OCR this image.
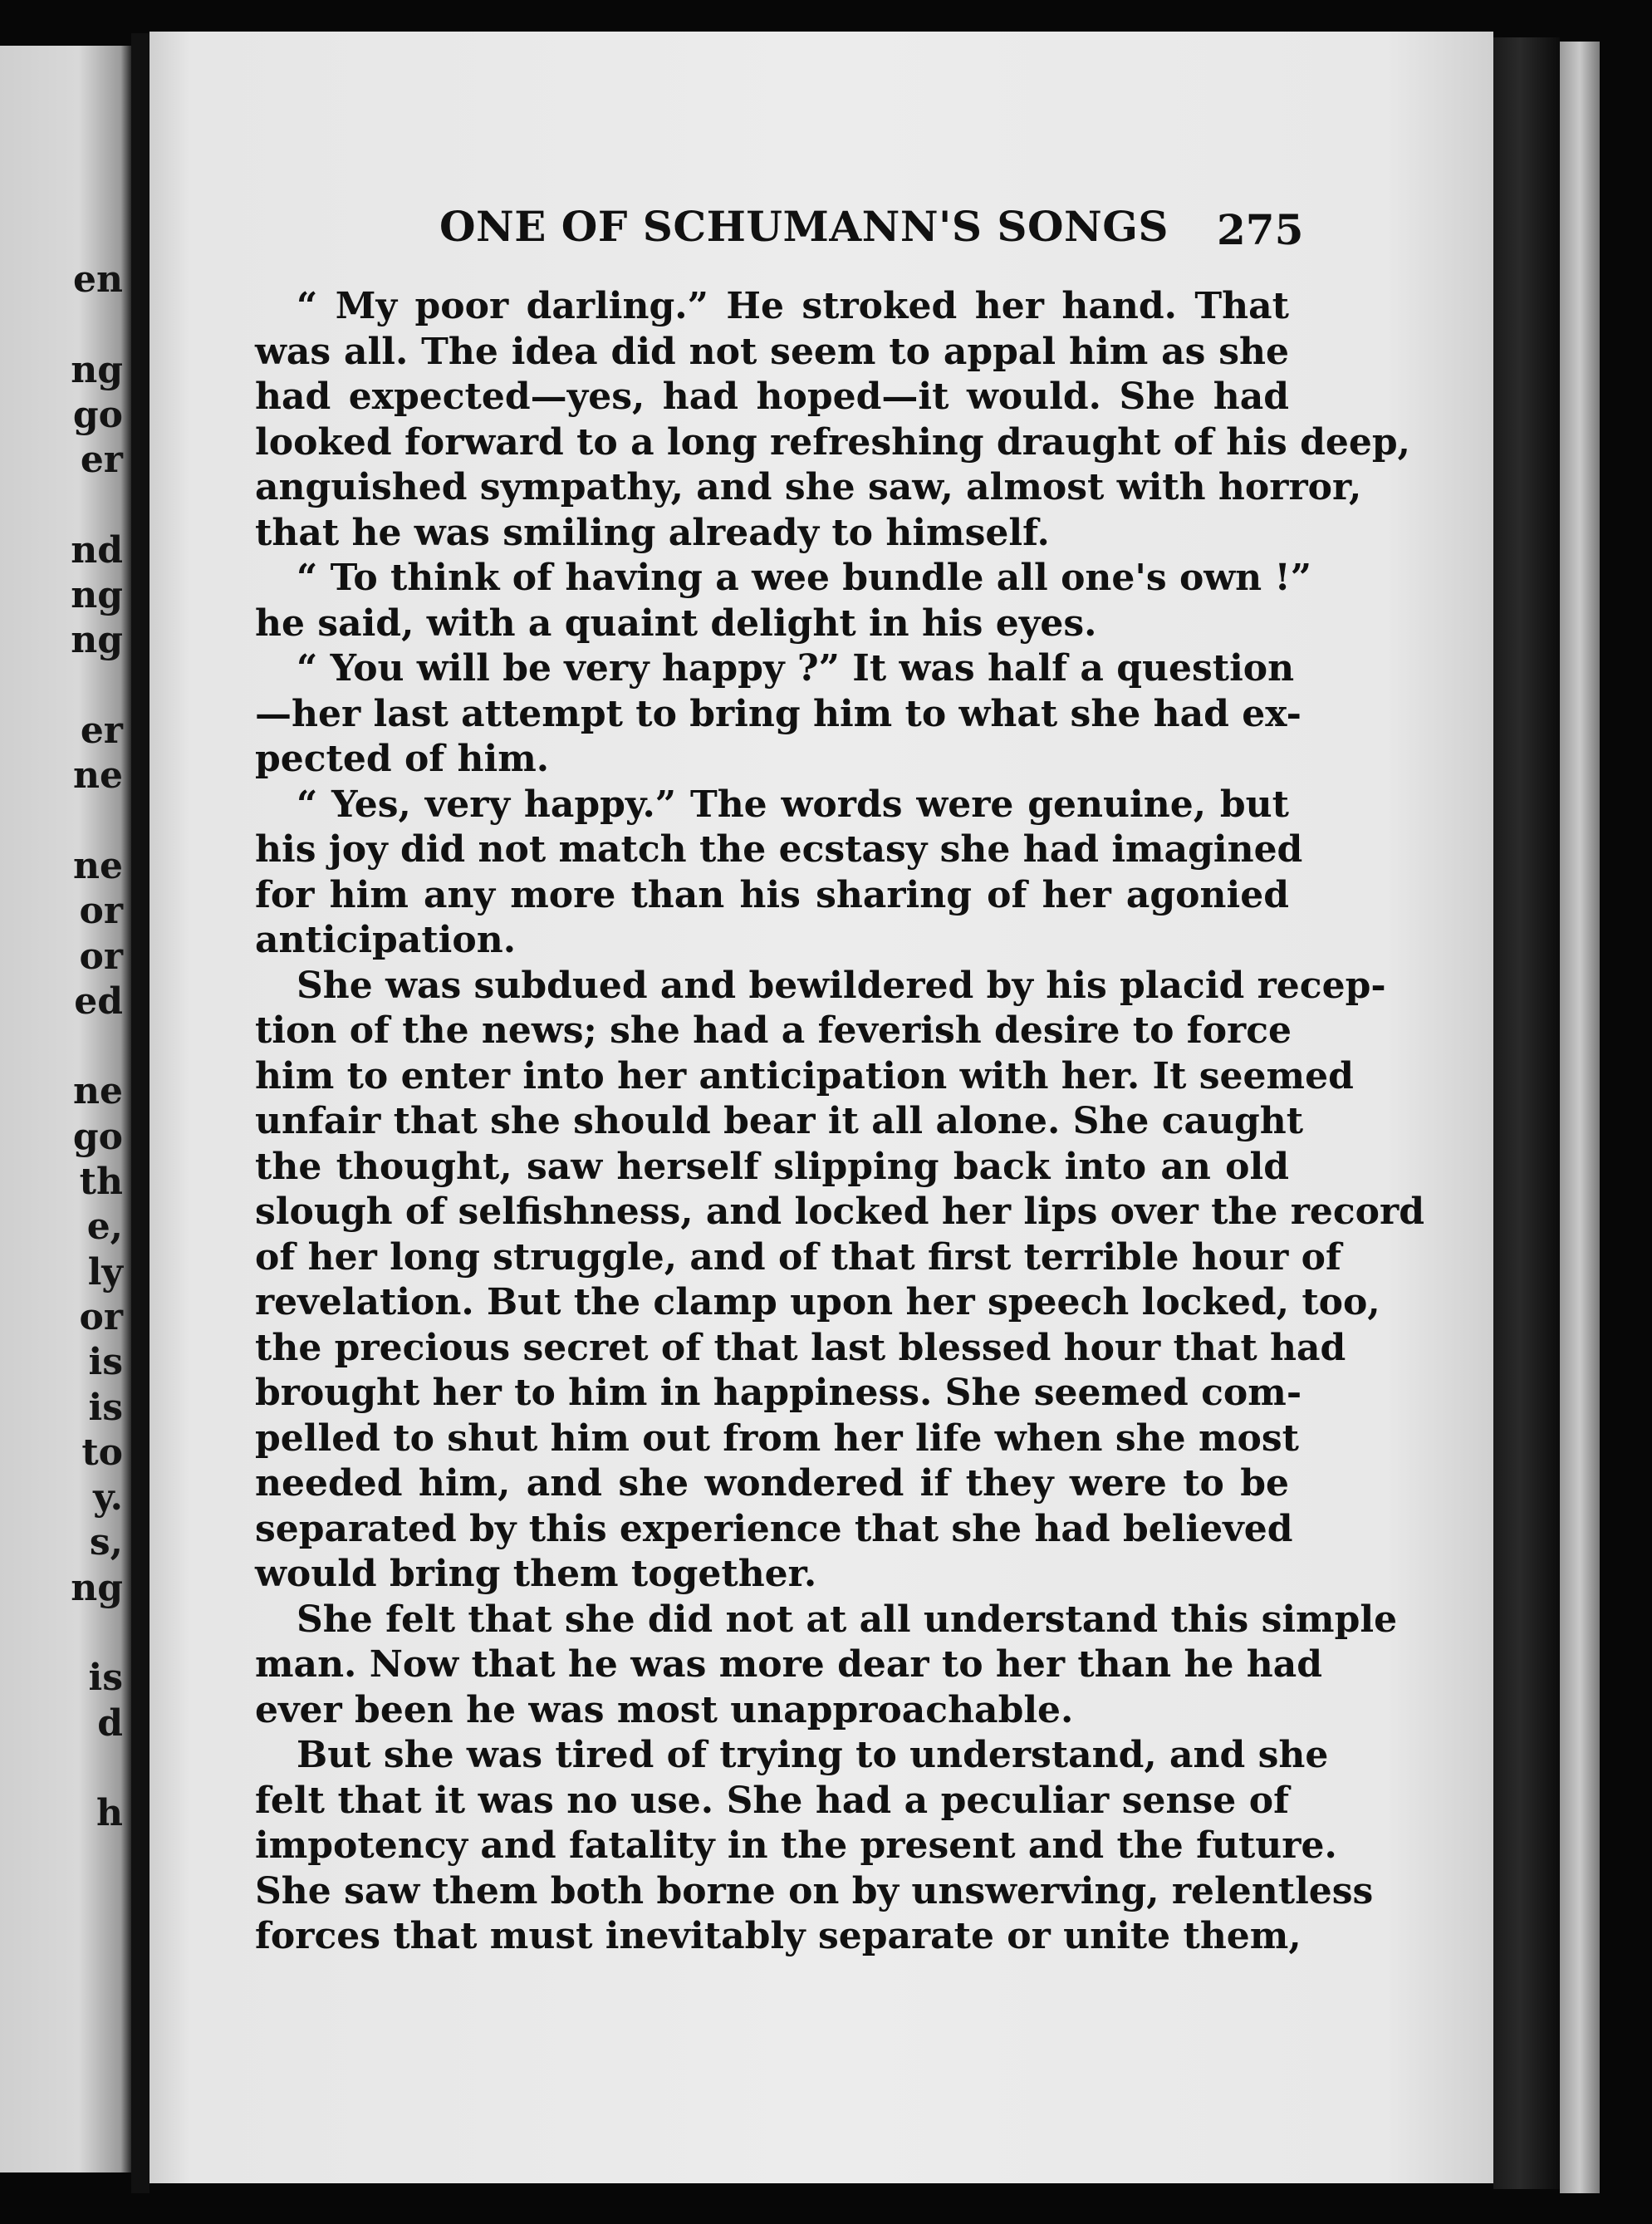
en
ng
go
er
nd
ng
ng
er
ne
ne
or
or
ed
ne
go
th
e,
ly
or
is
is
to
y.
s,
ng
is
d
h
ONE OF SCHUMANN'S SONGS 275
“ My poor darling.” He stroked her hand. That
was all. The idea did not seem to appal him as she
had expected—yes, had hoped—it would. She had
looked forward to a long refreshing draught of his deep,
anguished sympathy, and she saw, almost with horror,
that he was smiling already to himself.
“ To think of having a wee bundle all one's own !”
he said, with a quaint delight in his eyes.
“ You will be very happy ?” It was half a question
—her last attempt to bring him to what she had ex-
pected of him.
“ Yes, very happy.” The words were genuine, but
his joy did not match the ecstasy she had imagined
for him any more than his sharing of her agonied
anticipation.
She was subdued and bewildered by his placid recep-
tion of the news; she had a feverish desire to force
him to enter into her anticipation with her. It seemed
unfair that she should bear it all alone. She caught
the thought, saw herself slipping back into an old
slough of selfishness, and locked her lips over the record
of her long struggle, and of that first terrible hour of
revelation. But the clamp upon her speech locked, too,
the precious secret of that last blessed hour that had
brought her to him in happiness. She seemed com-
pelled to shut him out from her life when she most
needed him, and she wondered if they were to be
separated by this experience that she had believed
would bring them together.
She felt that she did not at all understand this simple
man. Now that he was more dear to her than he had
ever been he was most unapproachable.
But she was tired of trying to understand, and she
felt that it was no use. She had a peculiar sense of
impotency and fatality in the present and the future.
She saw them both borne on by unswerving, relentless
forces that must inevitably separate or unite them,
